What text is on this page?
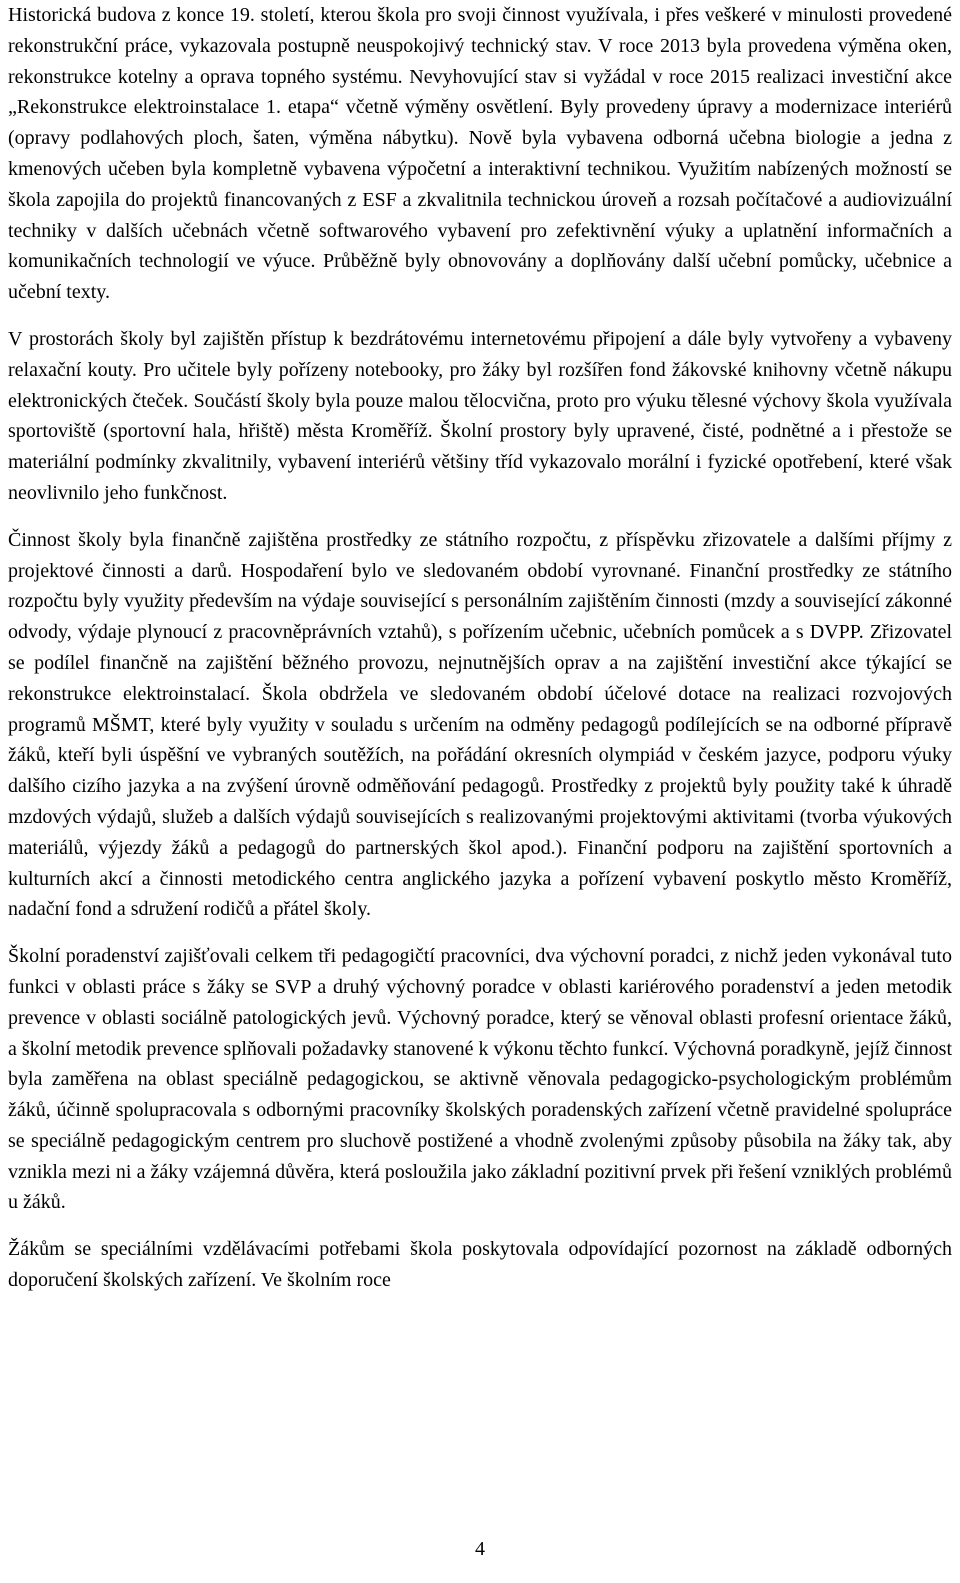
Historická budova z konce 19. století, kterou škola pro svoji činnost využívala, i přes veškeré v minulosti provedené rekonstrukční práce, vykazovala postupně neuspokojivý technický stav. V roce 2013 byla provedena výměna oken, rekonstrukce kotelny a oprava topného systému. Nevyhovující stav si vyžádal v roce 2015 realizaci investiční akce „Rekonstrukce elektroinstalace 1. etapa“ včetně výměny osvětlení. Byly provedeny úpravy a modernizace interiérů (opravy podlahových ploch, šaten, výměna nábytku). Nově byla vybavena odborná učebna biologie a jedna z kmenových učeben byla kompletně vybavena výpočetní a interaktivní technikou. Využitím nabízených možností se škola zapojila do projektů financovaných z ESF a zkvalitnila technickou úroveň a rozsah počítačové a audiovizuální techniky v dalších učebnách včetně softwarového vybavení pro zefektivnění výuky a uplatnění informačních a komunikačních technologií ve výuce. Průběžně byly obnovovány a doplňovány další učební pomůcky, učebnice a učební texty.

V prostorách školy byl zajištěn přístup k bezdrátovému internetovému připojení a dále byly vytvořeny a vybaveny relaxační kouty. Pro učitele byly pořízeny notebooky, pro žáky byl rozšířen fond žákovské knihovny včetně nákupu elektronických čteček. Součástí školy byla pouze malou tělocvična, proto pro výuku tělesné výchovy škola využívala sportoviště (sportovní hala, hřiště) města Kroměříž. Školní prostory byly upravené, čisté, podnětné a i přestože se materiální podmínky zkvalitnily, vybavení interiérů většiny tříd vykazovalo morální i fyzické opotřebení, které však neovlivnilo jeho funkčnost.

Činnost školy byla finančně zajištěna prostředky ze státního rozpočtu, z příspěvku zřizovatele a dalšími příjmy z projektové činnosti a darů. Hospodaření bylo ve sledovaném období vyrovnané. Finanční prostředky ze státního rozpočtu byly využity především na výdaje související s personálním zajištěním činnosti (mzdy a související zákonné odvody, výdaje plynoucí z pracovněprávních vztahů), s pořízením učebnic, učebních pomůcek a s DVPP. Zřizovatel se podílel finančně na zajištění běžného provozu, nejnutnějších oprav a na zajištění investiční akce týkající se rekonstrukce elektroinstalací. Škola obdržela ve sledovaném období účelové dotace na realizaci rozvojových programů MŠMT, které byly využity v souladu s určením na odměny pedagogů podílejících se na odborné přípravě žáků, kteří byli úspěšní ve vybraných soutěžích, na pořádání okresních olympiád v českém jazyce, podporu výuky dalšího cizího jazyka a na zvýšení úrovně odměňování pedagogů. Prostředky z projektů byly použity také k úhradě mzdových výdajů, služeb a dalších výdajů souvisejících s realizovanými projektovými aktivitami (tvorba výukových materiálů, výjezdy žáků a pedagogů do partnerských škol apod.). Finanční podporu na zajištění sportovních a kulturních akcí a činnosti metodického centra anglického jazyka a pořízení vybavení poskytlo město Kroměříž, nadační fond a sdružení rodičů a přátel školy.

Školní poradenství zajišťovali celkem tři pedagogičtí pracovníci, dva výchovní poradci, z nichž jeden vykonával tuto funkci v oblasti práce s žáky se SVP a druhý výchovný poradce v oblasti kariérového poradenství a jeden metodik prevence v oblasti sociálně patologických jevů. Výchovný poradce, který se věnoval oblasti profesní orientace žáků, a školní metodik prevence splňovali požadavky stanovené k výkonu těchto funkcí. Výchovná poradkyně, jejíž činnost byla zaměřena na oblast speciálně pedagogickou, se aktivně věnovala pedagogicko-psychologickým problémům žáků, účinně spolupracovala s odbornými pracovníky školských poradenských zařízení včetně pravidelné spolupráce se speciálně pedagogickým centrem pro sluchově postižené a vhodně zvolenými způsoby působila na žáky tak, aby vznikla mezi ni a žáky vzájemná důvěra, která posloužila jako základní pozitivní prvek při řešení vzniklých problémů u žáků.

Žákům se speciálními vzdělávacími potřebami škola poskytovala odpovídající pozornost na základě odborných doporučení školských zařízení. Ve školním roce

4
